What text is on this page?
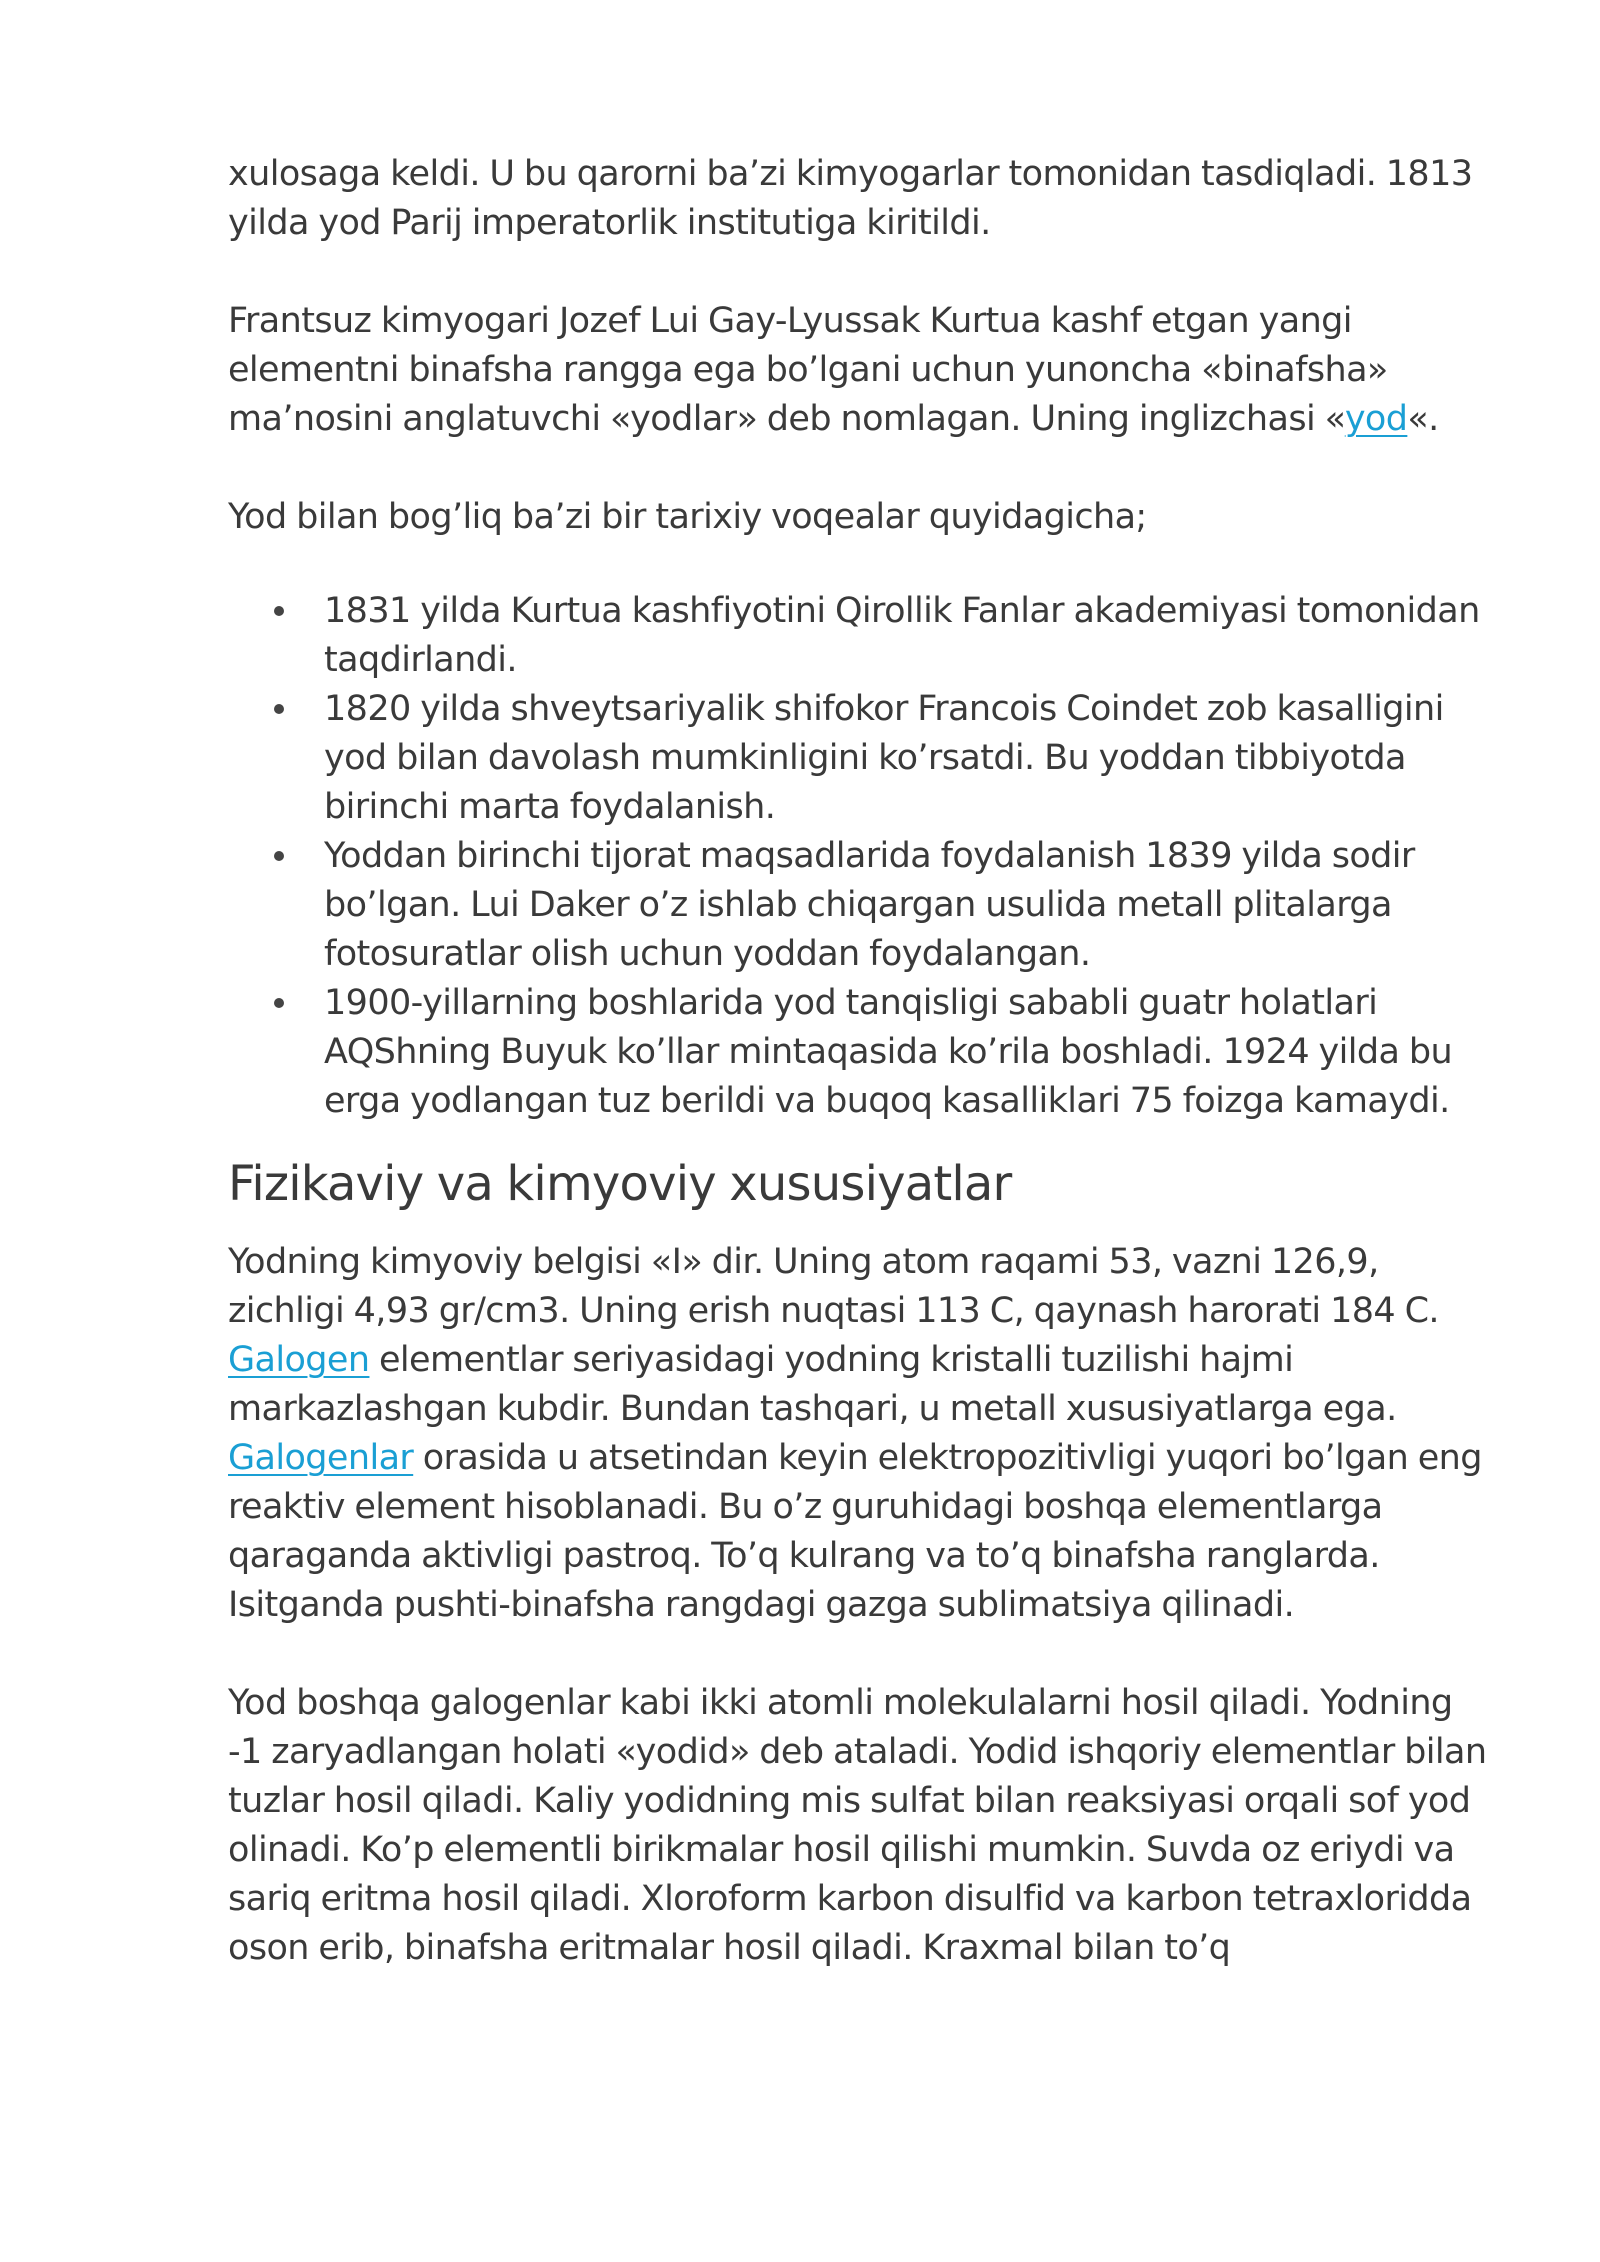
xulosaga keldi. U bu qarorni ba’zi kimyogarlar tomonidan tasdiqladi. 1813 yilda yod Parij imperatorlik institutiga kiritildi.

Frantsuz kimyogari Jozef Lui Gay-Lyussak Kurtua kashf etgan yangi elementni binafsha rangga ega bo’lgani uchun yunoncha «binafsha» ma’nosini anglatuvchi «yodlar» deb nomlagan. Uning inglizchasi «yod«.

Yod bilan bog’liq ba’zi bir tarixiy voqealar quyidagicha;

1831 yilda Kurtua kashfiyotini Qirollik Fanlar akademiyasi tomonidan taqdirlandi.
1820 yilda shveytsariyalik shifokor Francois Coindet zob kasalligini yod bilan davolash mumkinligini ko’rsatdi. Bu yoddan tibbiyotda birinchi marta foydalanish.
Yoddan birinchi tijorat maqsadlarida foydalanish 1839 yilda sodir bo’lgan. Lui Daker o’z ishlab chiqargan usulida metall plitalarga fotosuratlar olish uchun yoddan foydalangan.
1900-yillarning boshlarida yod tanqisligi sababli guatr holatlari AQShning Buyuk ko’llar mintaqasida ko’rila boshladi. 1924 yilda bu erga yodlangan tuz berildi va buqoq kasalliklari 75 foizga kamaydi.
Fizikaviy va kimyoviy xususiyatlar

Yodning kimyoviy belgisi «I» dir. Uning atom raqami 53, vazni 126,9, zichligi 4,93 gr/cm3. Uning erish nuqtasi 113 C, qaynash harorati 184 C. Galogen elementlar seriyasidagi yodning kristalli tuzilishi hajmi markazlashgan kubdir. Bundan tashqari, u metall xususiyatlarga ega. Galogenlar orasida u atsetindan keyin elektropozitivligi yuqori bo’lgan eng reaktiv element hisoblanadi. Bu o’z guruhidagi boshqa elementlarga qaraganda aktivligi pastroq. To’q kulrang va to’q binafsha ranglarda. Isitganda pushti-binafsha rangdagi gazga sublimatsiya qilinadi.

Yod boshqa galogenlar kabi ikki atomli molekulalarni hosil qiladi. Yodning -1 zaryadlangan holati «yodid» deb ataladi. Yodid ishqoriy elementlar bilan tuzlar hosil qiladi. Kaliy yodidning mis sulfat bilan reaksiyasi orqali sof yod olinadi. Ko’p elementli birikmalar hosil qilishi mumkin. Suvda oz eriydi va sariq eritma hosil qiladi. Xloroform karbon disulfid va karbon tetraxloridda oson erib, binafsha eritmalar hosil qiladi. Kraxmal bilan to’q
